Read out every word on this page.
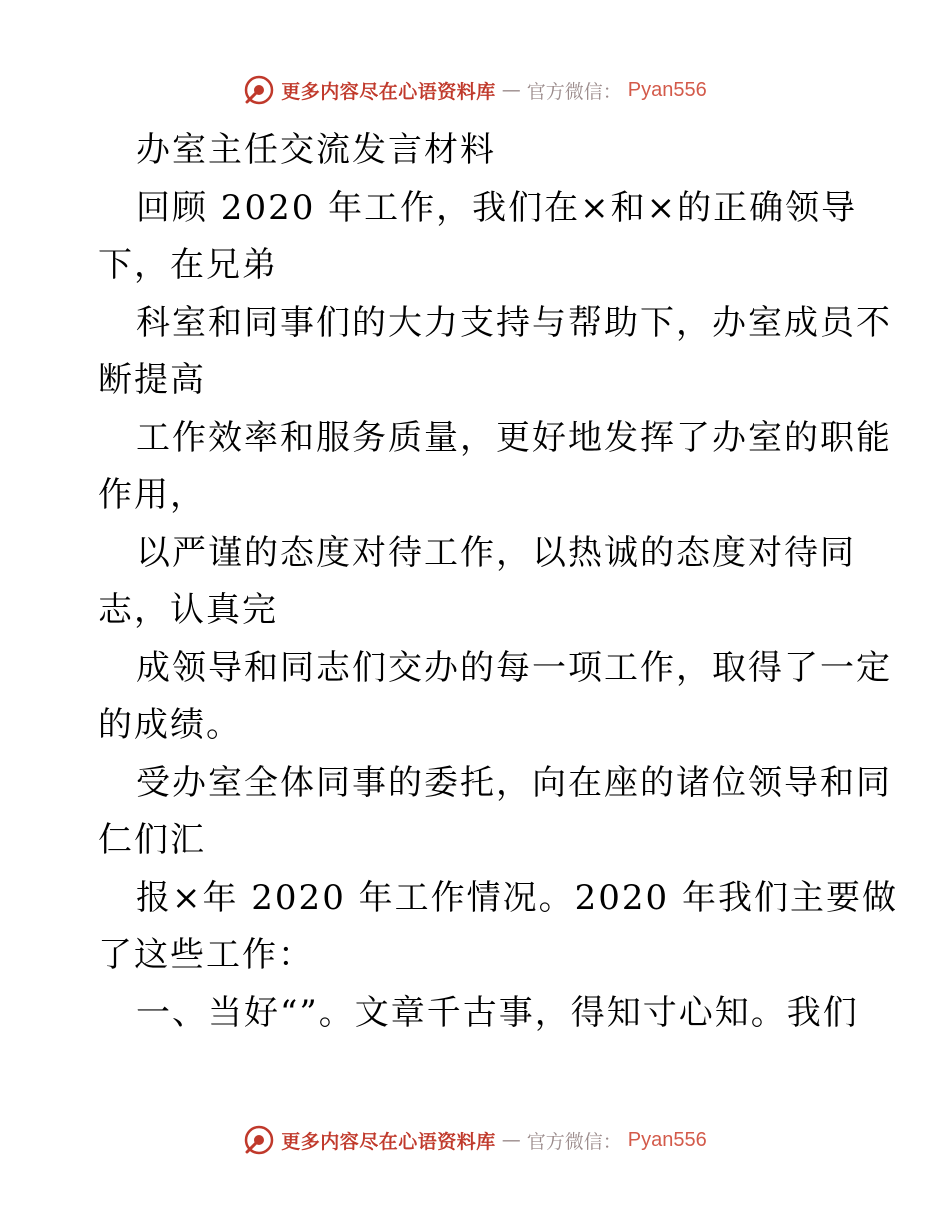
更多内容尽在心语资料库 — 官方微信： Pyan556
办室主任交流发言材料
回顾 2020 年工作，我们在×和×的正确领导
下，在兄弟
科室和同事们的大力支持与帮助下，办室成员不
断提高
工作效率和服务质量，更好地发挥了办室的职能
作用，
以严谨的态度对待工作，以热诚的态度对待同
志，认真完
成领导和同志们交办的每一项工作，取得了一定
的成绩。
受办室全体同事的委托，向在座的诸位领导和同
仁们汇
报×年 2020 年工作情况。2020 年我们主要做
了这些工作：
一、当好“”。文章千古事，得知寸心知。我们
更多内容尽在心语资料库 — 官方微信： Pyan556
